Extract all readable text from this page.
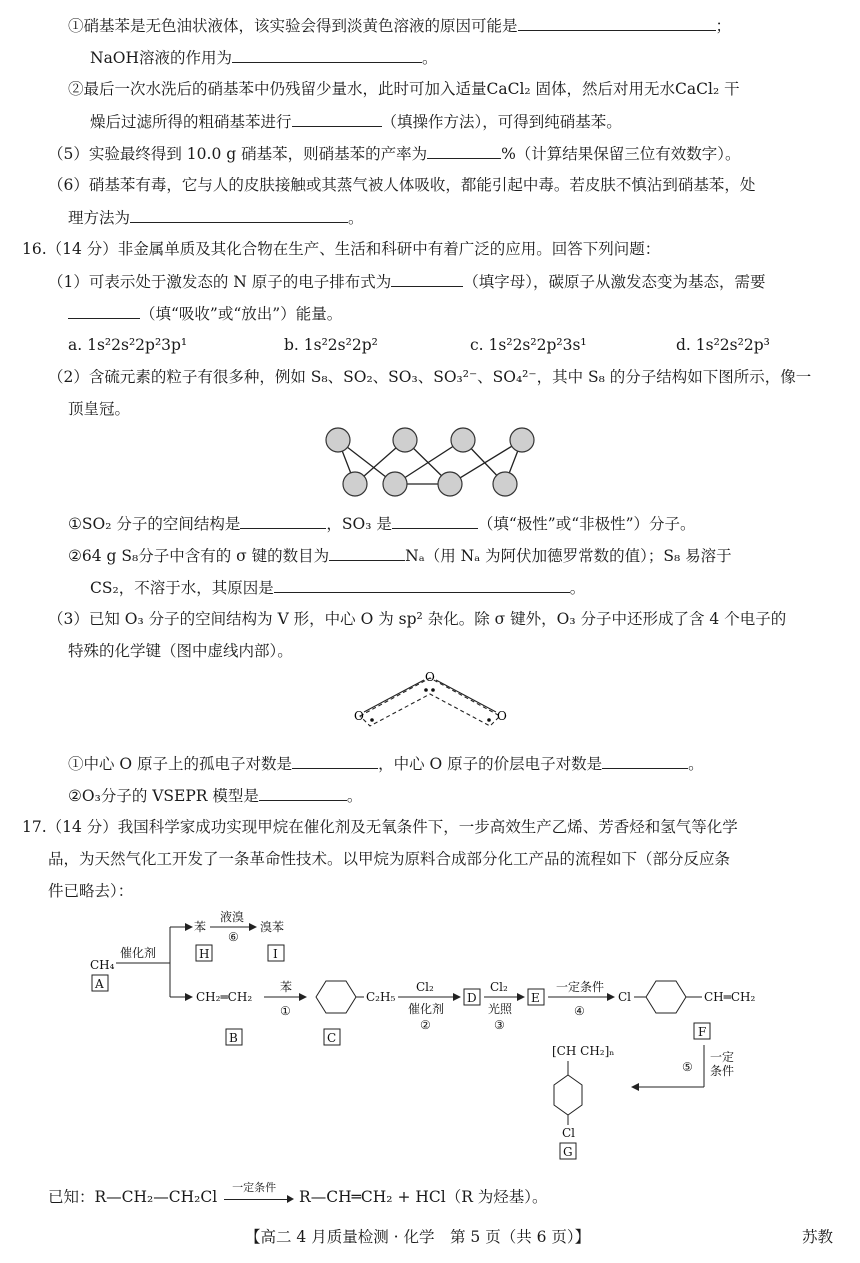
①硝基苯是无色油状液体，该实验会得到淡黄色溶液的原因可能是	；
NaOH溶液的作用为	。
②最后一次水洗后的硝基苯中仍残留少量水，此时可加入适量CaCl₂ 固体，然后对用无水CaCl₂ 干
燥后过滤所得的粗硝基苯进行	（填操作方法），可得到纯硝基苯。
（5）实验最终得到 10.0 g 硝基苯，则硝基苯的产率为	%（计算结果保留三位有效数字）。
（6）硝基苯有毒，它与人的皮肤接触或其蒸气被人体吸收，都能引起中毒。若皮肤不慎沾到硝基苯，处
理方法为	。
16.（14 分）非金属单质及其化合物在生产、生活和科研中有着广泛的应用。回答下列问题：
（1）可表示处于激发态的 N 原子的电子排布式为	（填字母），碳原子从激发态变为基态，需要
（填“吸收”或“放出”）能量。
a. 1s²2s²2p²3p¹	b. 1s²2s²2p²	c. 1s²2s²2p²3s¹	d. 1s²2s²2p³
（2）含硫元素的粒子有很多种，例如 S₈、SO₂、SO₃、SO₃²⁻、SO₄²⁻，其中 S₈ 的分子结构如下图所示，像一
顶皇冠。
①SO₂ 分子的空间结构是	，SO₃ 是	（填“极性”或“非极性”）分子。
②64 g S₈分子中含有的 σ 键的数目为	Nₐ（用 Nₐ 为阿伏加德罗常数的值）；S₈ 易溶于
CS₂，不溶于水，其原因是	。
（3）已知 O₃ 分子的空间结构为 V 形，中心 O 为 sp² 杂化。除 σ 键外，O₃ 分子中还形成了含 4 个电子的
特殊的化学键（图中虚线内部）。
O
O	O
①中心 O 原子上的孤电子对数是	，中心 O 原子的价层电子对数是	。
②O₃分子的 VSEPR 模型是	。
17.（14 分）我国科学家成功实现甲烷在催化剂及无氧条件下，一步高效生产乙烯、芳香烃和氢气等化学
品，为天然气化工开发了一条革命性技术。以甲烷为原料合成部分化工产品的流程如下（部分反应条
件已略去）：
CH₄
A
催化剂
苯
液溴
⑥
溴苯
H	I
CH₂═CH₂
B
苯
①
C₂H₅
C
Cl₂
催化剂
②
D
Cl₂
光照
③
E
一定条件
④
Cl	CH═CH₂
F
⑤
一定
条件
[CH CH₂]ₙ
Cl
G
已知：R—CH₂—CH₂Cl
一定条件
R—CH═CH₂ + HCl（R 为烃基）。
【高二 4 月质量检测 · 化学　第 5 页（共 6 页）】	苏教
